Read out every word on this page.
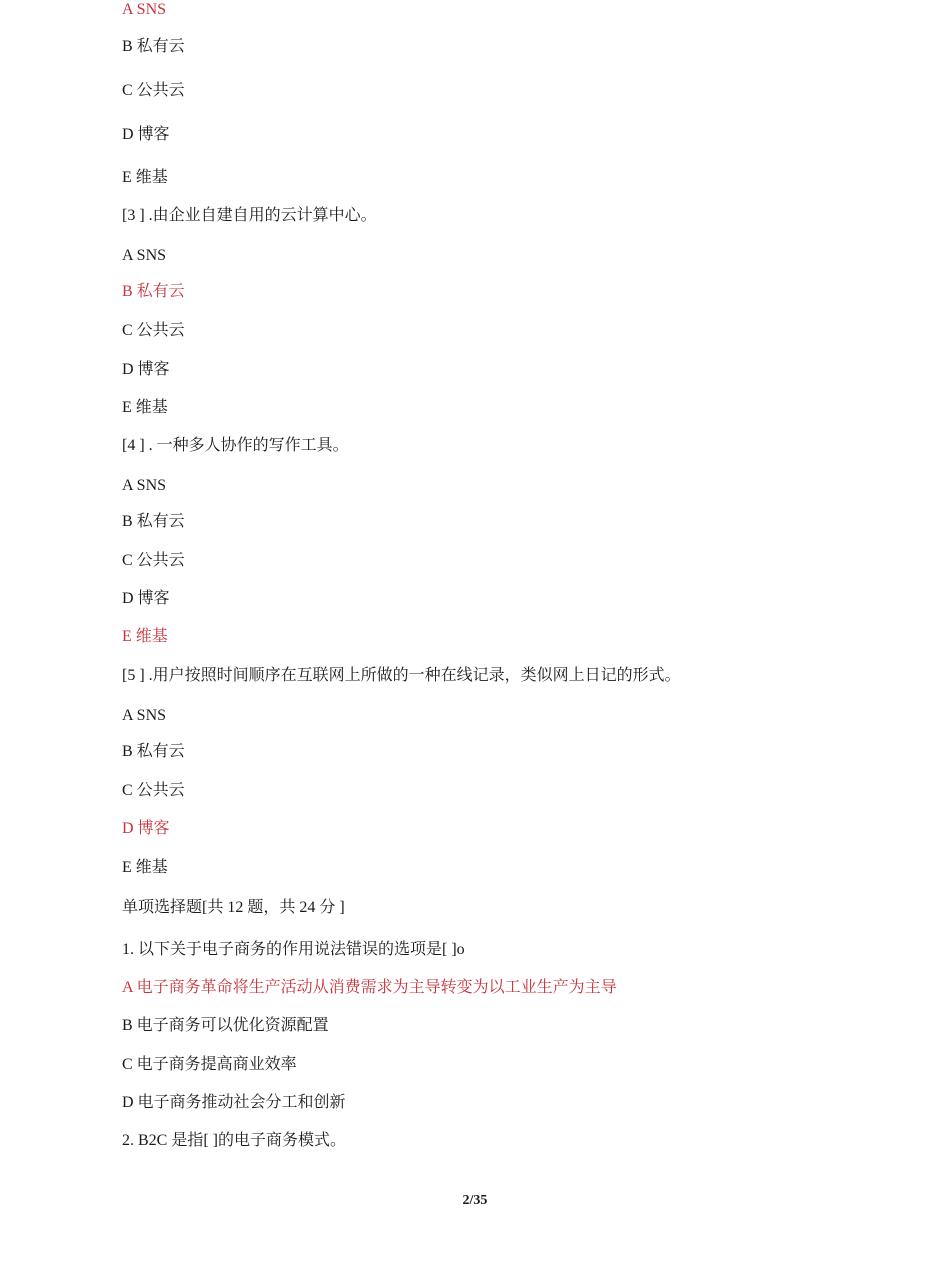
A SNS
B 私有云
C 公共云
D 博客
E 维基
[3 ] .由企业自建自用的云计算中心。
A SNS
B 私有云
C 公共云
D 博客
E 维基
[4 ] . 一种多人协作的写作工具。
A SNS
B 私有云
C 公共云
D 博客
E 维基
[5 ] .用户按照时间顺序在互联网上所做的一种在线记录，类似网上日记的形式。
A SNS
B 私有云
C 公共云
D 博客
E 维基
单项选择题[共 12 题，共 24 分 ]
1. 以下关于电子商务的作用说法错误的选项是[ ]o
A 电子商务革命将生产活动从消费需求为主导转变为以工业生产为主导
B 电子商务可以优化资源配置
C 电子商务提高商业效率
D 电子商务推动社会分工和创新
2. B2C 是指[ ]的电子商务模式。
2/35
